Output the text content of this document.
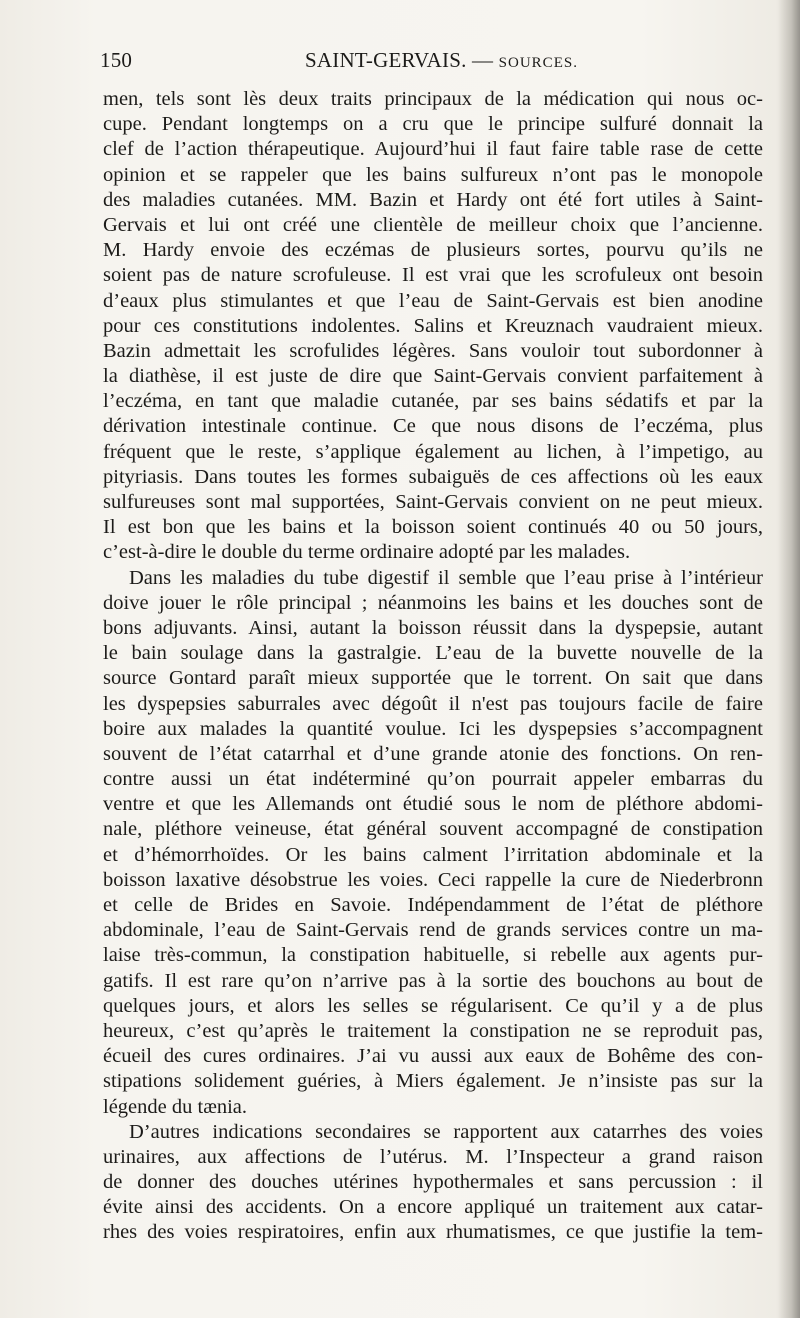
150	SAINT-GERVAIS. — SOURCES.
men, tels sont lès deux traits principaux de la médication qui nous oc-
cupe. Pendant longtemps on a cru que le principe sulfuré donnait la
clef de l’action thérapeutique. Aujourd’hui il faut faire table rase de cette
opinion et se rappeler que les bains sulfureux n’ont pas le monopole
des maladies cutanées. MM. Bazin et Hardy ont été fort utiles à Saint-
Gervais et lui ont créé une clientèle de meilleur choix que l’ancienne.
M. Hardy envoie des eczémas de plusieurs sortes, pourvu qu’ils ne
soient pas de nature scrofuleuse. Il est vrai que les scrofuleux ont besoin
d’eaux plus stimulantes et que l’eau de Saint-Gervais est bien anodine
pour ces constitutions indolentes. Salins et Kreuznach vaudraient mieux.
Bazin admettait les scrofulides légères. Sans vouloir tout subordonner à
la diathèse, il est juste de dire que Saint-Gervais convient parfaitement à
l’eczéma, en tant que maladie cutanée, par ses bains sédatifs et par la
dérivation intestinale continue. Ce que nous disons de l’eczéma, plus
fréquent que le reste, s’applique également au lichen, à l’impetigo, au
pityriasis. Dans toutes les formes subaiguës de ces affections où les eaux
sulfureuses sont mal supportées, Saint-Gervais convient on ne peut mieux.
Il est bon que les bains et la boisson soient continués 40 ou 50 jours,
c’est-à-dire le double du terme ordinaire adopté par les malades.
Dans les maladies du tube digestif il semble que l’eau prise à l’intérieur
doive jouer le rôle principal ; néanmoins les bains et les douches sont de
bons adjuvants. Ainsi, autant la boisson réussit dans la dyspepsie, autant
le bain soulage dans la gastralgie. L’eau de la buvette nouvelle de la
source Gontard paraît mieux supportée que le torrent. On sait que dans
les dyspepsies saburrales avec dégoût il n'est pas toujours facile de faire
boire aux malades la quantité voulue. Ici les dyspepsies s’accompagnent
souvent de l’état catarrhal et d’une grande atonie des fonctions. On ren-
contre aussi un état indéterminé qu’on pourrait appeler embarras du
ventre et que les Allemands ont étudié sous le nom de pléthore abdomi-
nale, pléthore veineuse, état général souvent accompagné de constipation
et d’hémorrhoïdes. Or les bains calment l’irritation abdominale et la
boisson laxative désobstrue les voies. Ceci rappelle la cure de Niederbronn
et celle de Brides en Savoie. Indépendamment de l’état de pléthore
abdominale, l’eau de Saint-Gervais rend de grands services contre un ma-
laise très-commun, la constipation habituelle, si rebelle aux agents pur-
gatifs. Il est rare qu’on n’arrive pas à la sortie des bouchons au bout de
quelques jours, et alors les selles se régularisent. Ce qu’il y a de plus
heureux, c’est qu’après le traitement la constipation ne se reproduit pas,
écueil des cures ordinaires. J’ai vu aussi aux eaux de Bohême des con-
stipations solidement guéries, à Miers également. Je n’insiste pas sur la
légende du tænia.
D’autres indications secondaires se rapportent aux catarrhes des voies
urinaires, aux affections de l’utérus. M. l’Inspecteur a grand raison
de donner des douches utérines hypothermales et sans percussion : il
évite ainsi des accidents. On a encore appliqué un traitement aux catar-
rhes des voies respiratoires, enfin aux rhumatismes, ce que justifie la tem-
